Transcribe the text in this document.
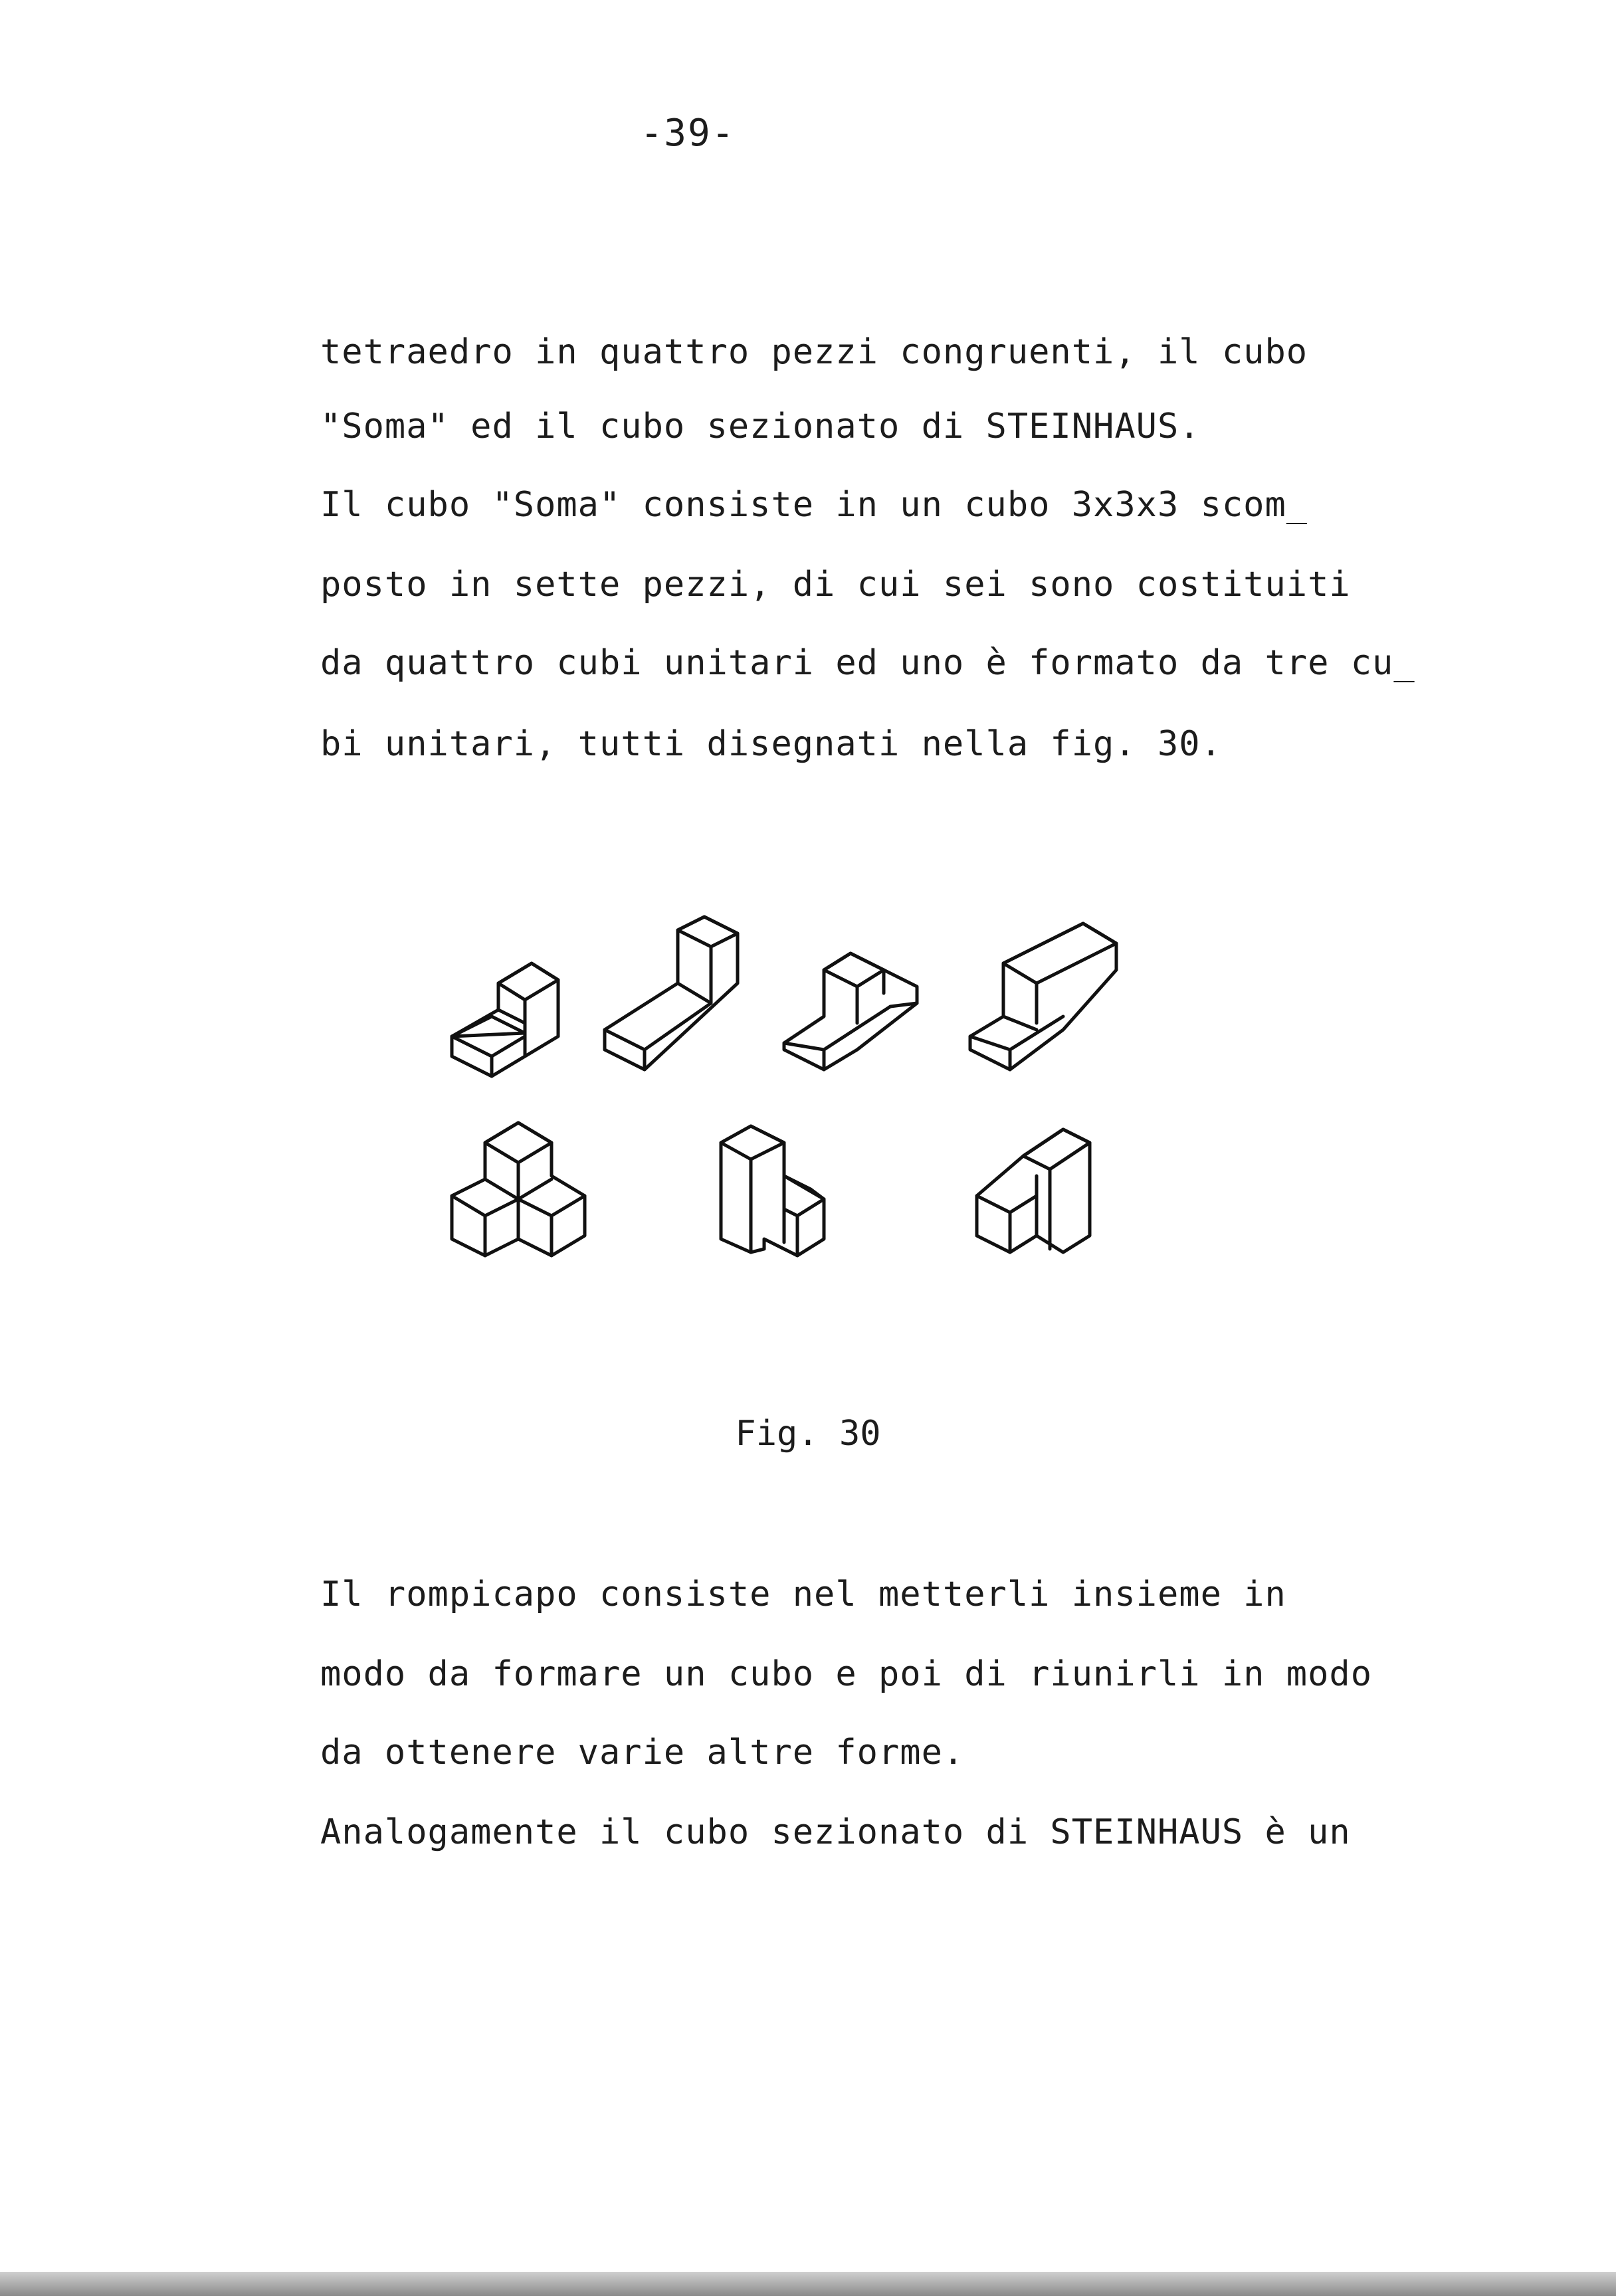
-39-
tetraedro in quattro pezzi congruenti, il cubo
"Soma" ed il cubo sezionato di STEINHAUS.
Il cubo "Soma" consiste in un cubo 3x3x3 scom_
posto in sette pezzi, di cui sei sono costituiti
da quattro cubi unitari ed uno è formato da tre cu_
bi unitari, tutti disegnati nella fig. 30.
Fig. 30
Il rompicapo consiste nel metterli insieme in
modo da formare un cubo e poi di riunirli in modo
da ottenere varie altre forme.
Analogamente il cubo sezionato di STEINHAUS è un
